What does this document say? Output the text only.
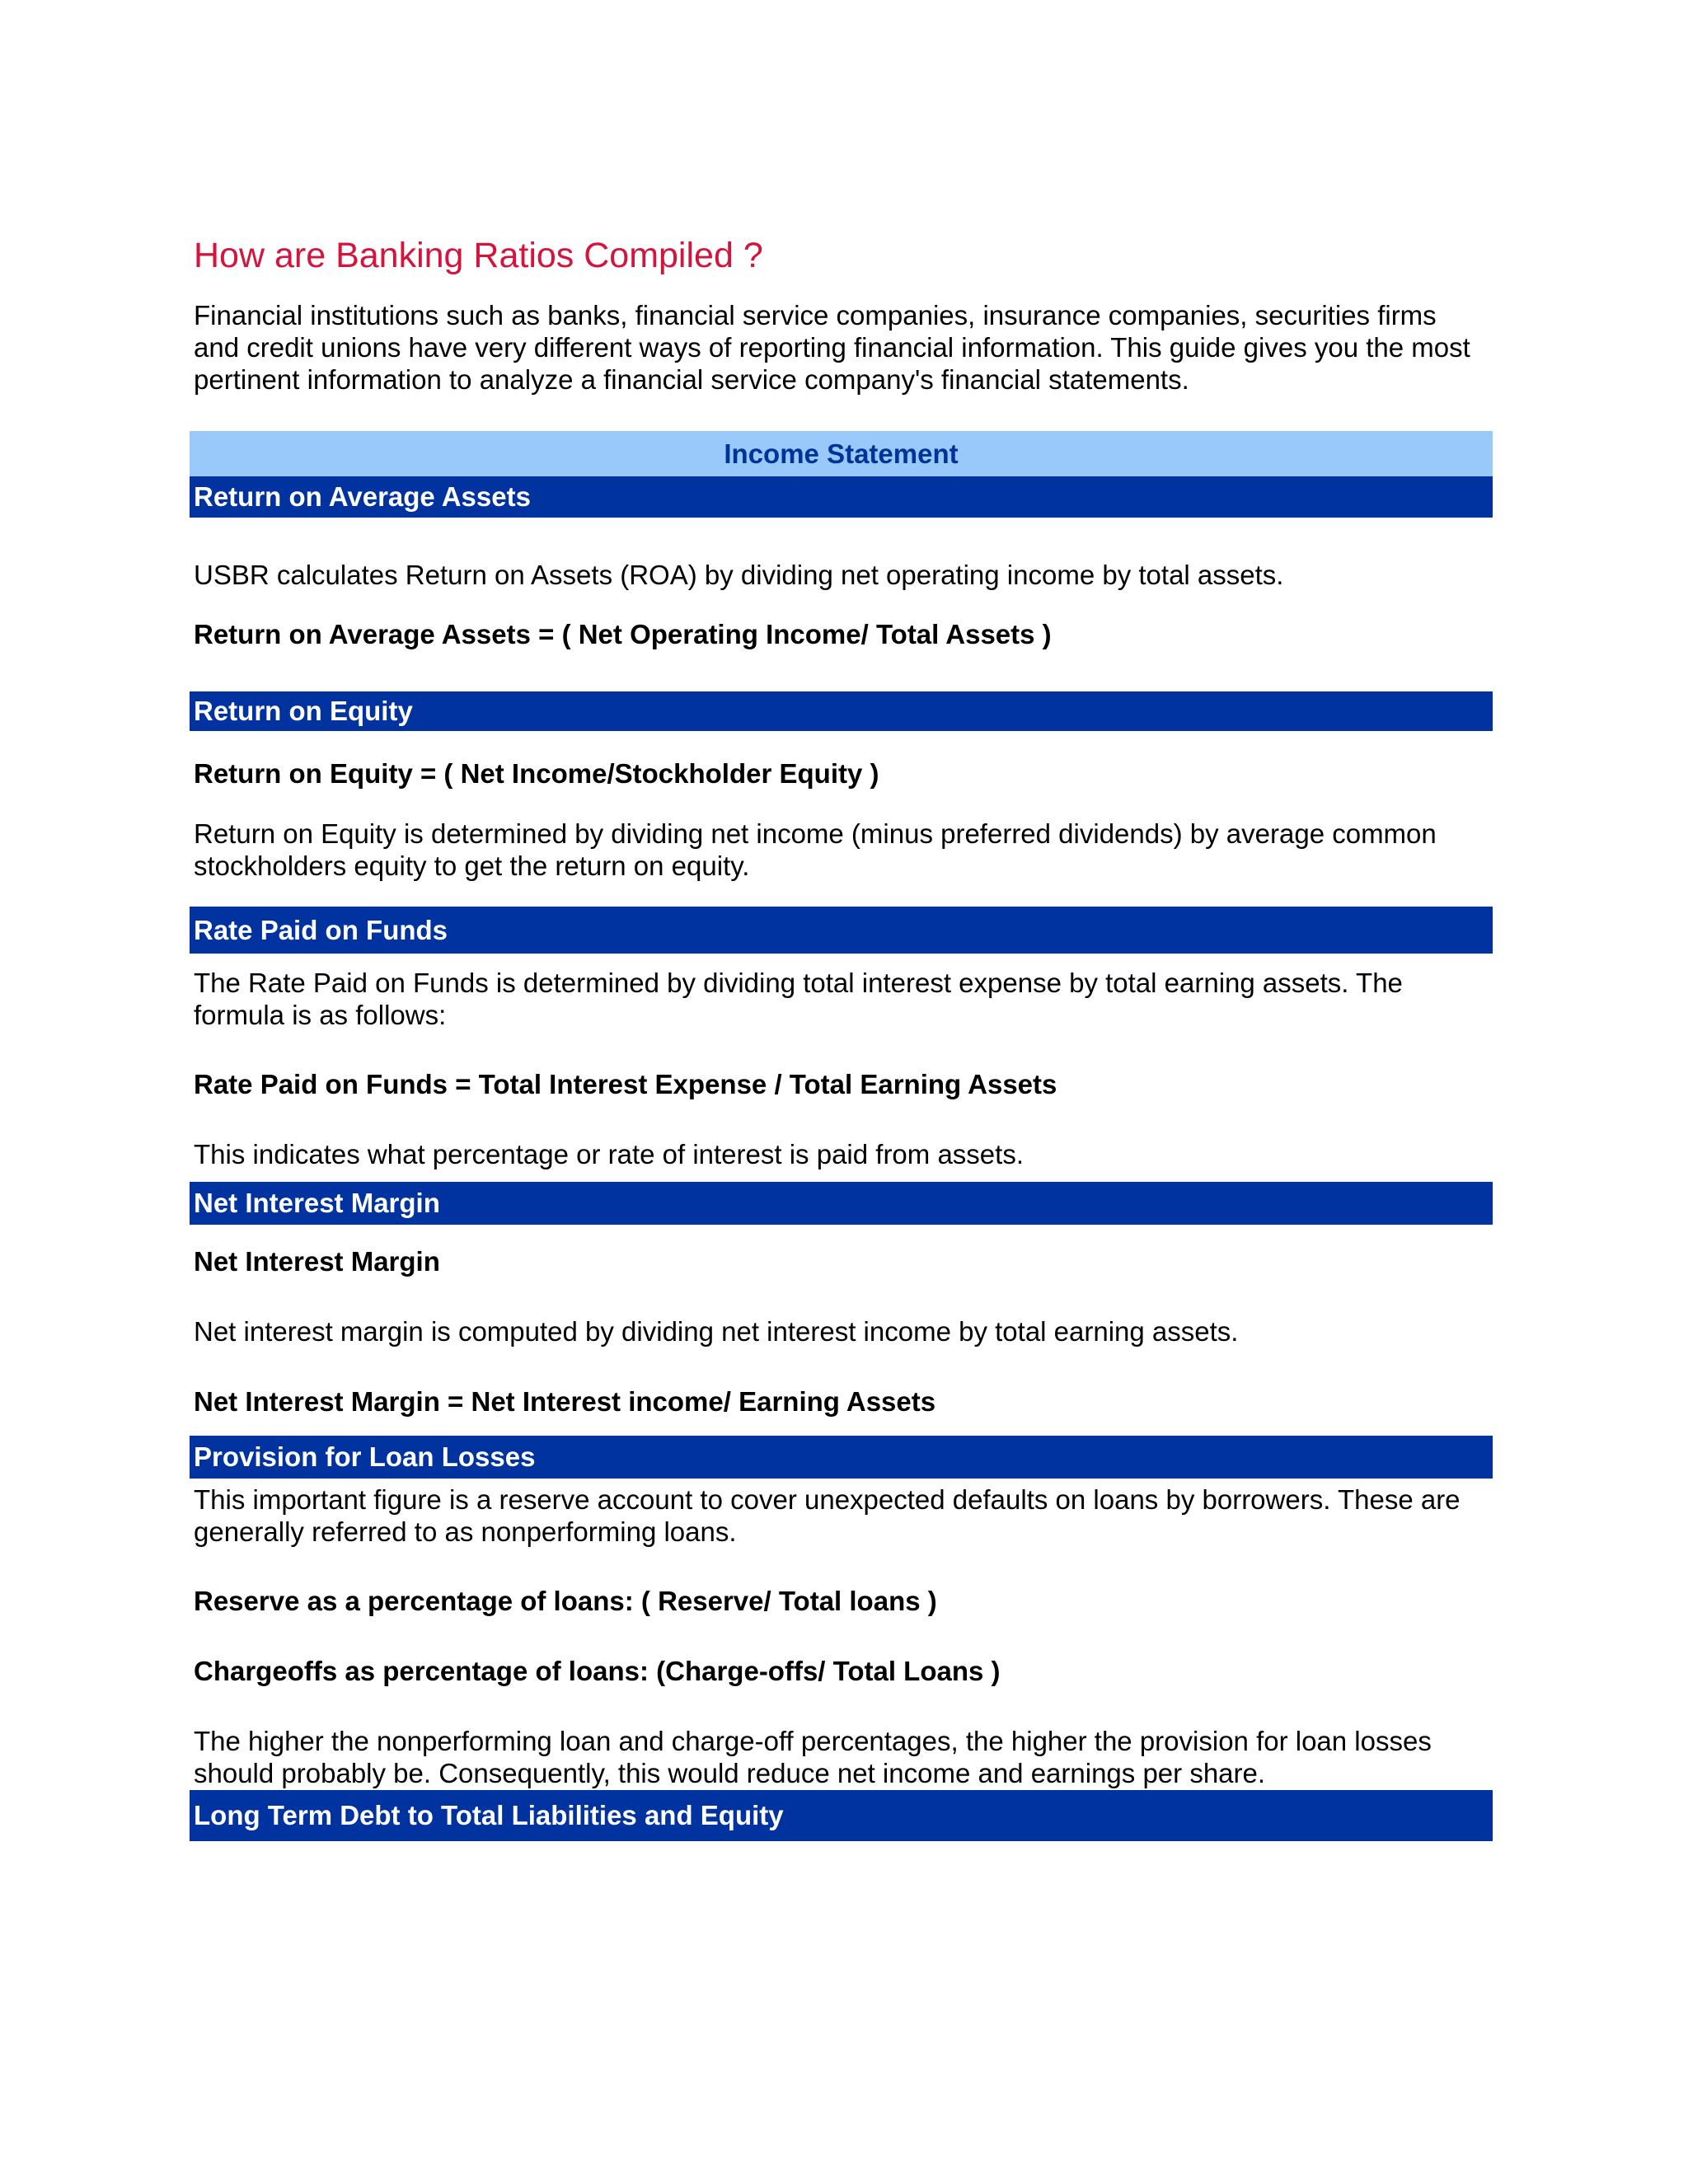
How are Banking Ratios Compiled ?

Financial institutions such as banks, financial service companies, insurance companies, securities firms

and credit unions have very different ways of reporting financial information. This guide gives you the most

pertinent information to analyze a financial service company's financial statements.

Income Statement
Return on Average Assets

USBR calculates Return on Assets (ROA) by dividing net operating income by total assets.

Return on Average Assets = ( Net Operating Income/ Total Assets )

Return on Equity

Return on Equity = ( Net Income/Stockholder Equity )

Return on Equity is determined by dividing net income (minus preferred dividends) by average common

stockholders equity to get the return on equity.

Rate Paid on Funds

The Rate Paid on Funds is determined by dividing total interest expense by total earning assets. The

formula is as follows:

Rate Paid on Funds = Total Interest Expense / Total Earning Assets

This indicates what percentage or rate of interest is paid from assets.

Net Interest Margin

Net Interest Margin

Net interest margin is computed by dividing net interest income by total earning assets.

Net Interest Margin = Net Interest income/ Earning Assets

Provision for Loan Losses

This important figure is a reserve account to cover unexpected defaults on loans by borrowers. These are

generally referred to as nonperforming loans.

Reserve as a percentage of loans: ( Reserve/ Total loans )

Chargeoffs as percentage of loans: (Charge-offs/ Total Loans )

The higher the nonperforming loan and charge-off percentages, the higher the provision for loan losses

should probably be. Consequently, this would reduce net income and earnings per share.

Long Term Debt to Total Liabilities and Equity
